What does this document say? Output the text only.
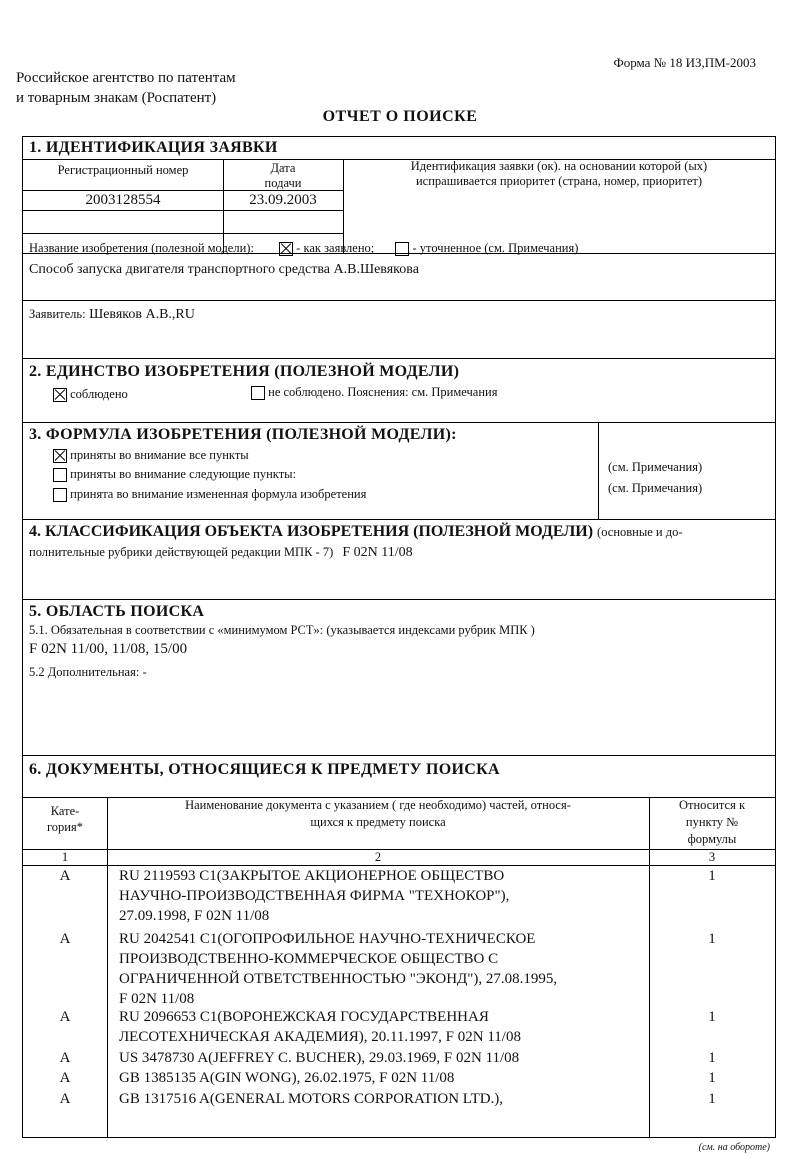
Форма № 18 ИЗ,ПМ-2003
Российское агентство по патентам
и товарным знакам (Роспатент)
ОТЧЕТ О ПОИСКЕ
1. ИДЕНТИФИКАЦИЯ ЗАЯВКИ
Регистрационный номер	Дата
подачи
Идентификация заявки (ок). на основании которой (ых)
испрашивается приоритет (страна, номер, приоритет)
2003128554	23.09.2003
Название изобретения (полезной модели):	- как заявлено;	- уточненное (см. Примечания)
Способ запуска двигателя транспортного средства А.В.Шевякова
Заявитель: Шевяков А.В.,RU
2. ЕДИНСТВО ИЗОБРЕТЕНИЯ (ПОЛЕЗНОЙ МОДЕЛИ)
соблюдено	не соблюдено. Пояснения: см. Примечания
3. ФОРМУЛА ИЗОБРЕТЕНИЯ (ПОЛЕЗНОЙ МОДЕЛИ):
приняты во внимание все пункты
приняты во внимание следующие пункты:
принята во внимание измененная формула изобретения
(см. Примечания)
(см. Примечания)
4. КЛАССИФИКАЦИЯ ОБЪЕКТА ИЗОБРЕТЕНИЯ (ПОЛЕЗНОЙ МОДЕЛИ) (основные и до-
полнительные рубрики действующей редакции МПК - 7) F 02N 11/08
5. ОБЛАСТЬ ПОИСКА
5.1. Обязательная в соответствии с «минимумом PCT»: (указывается индексами рубрик МПК )
F 02N 11/00, 11/08, 15/00
5.2 Дополнительная: -
6. ДОКУМЕНТЫ, ОТНОСЯЩИЕСЯ К ПРЕДМЕТУ ПОИСКА
Кате-
гория*
Наименование документа с указанием ( где необходимо) частей, относя-
щихся к предмету поиска
Относится к
пункту №
формулы
1	2	3
A	RU 2119593 C1(ЗАКРЫТОЕ АКЦИОНЕРНОЕ ОБЩЕСТВО
НАУЧНО-ПРОИЗВОДСТВЕННАЯ ФИРМА "ТЕХНОКОР"),
27.09.1998, F 02N 11/08
1
A	RU 2042541 C1(ОГОПРОФИЛЬНОЕ НАУЧНО-ТЕХНИЧЕСКОЕ
ПРОИЗВОДСТВЕННО-КОММЕРЧЕСКОЕ ОБЩЕСТВО С
ОГРАНИЧЕННОЙ ОТВЕТСТВЕННОСТЬЮ "ЭКОНД"), 27.08.1995,
F 02N 11/08
1
A	RU 2096653 C1(ВОРОНЕЖСКАЯ ГОСУДАРСТВЕННАЯ
ЛЕСОТЕХНИЧЕСКАЯ АКАДЕМИЯ), 20.11.1997, F 02N 11/08
1
A	US 3478730 A(JEFFREY C. BUCHER), 29.03.1969, F 02N 11/08	1
A	GB 1385135 A(GIN WONG), 26.02.1975, F 02N 11/08	1
A	GB 1317516 A(GENERAL MOTORS CORPORATION LTD.),	1
(см. на обороте)
